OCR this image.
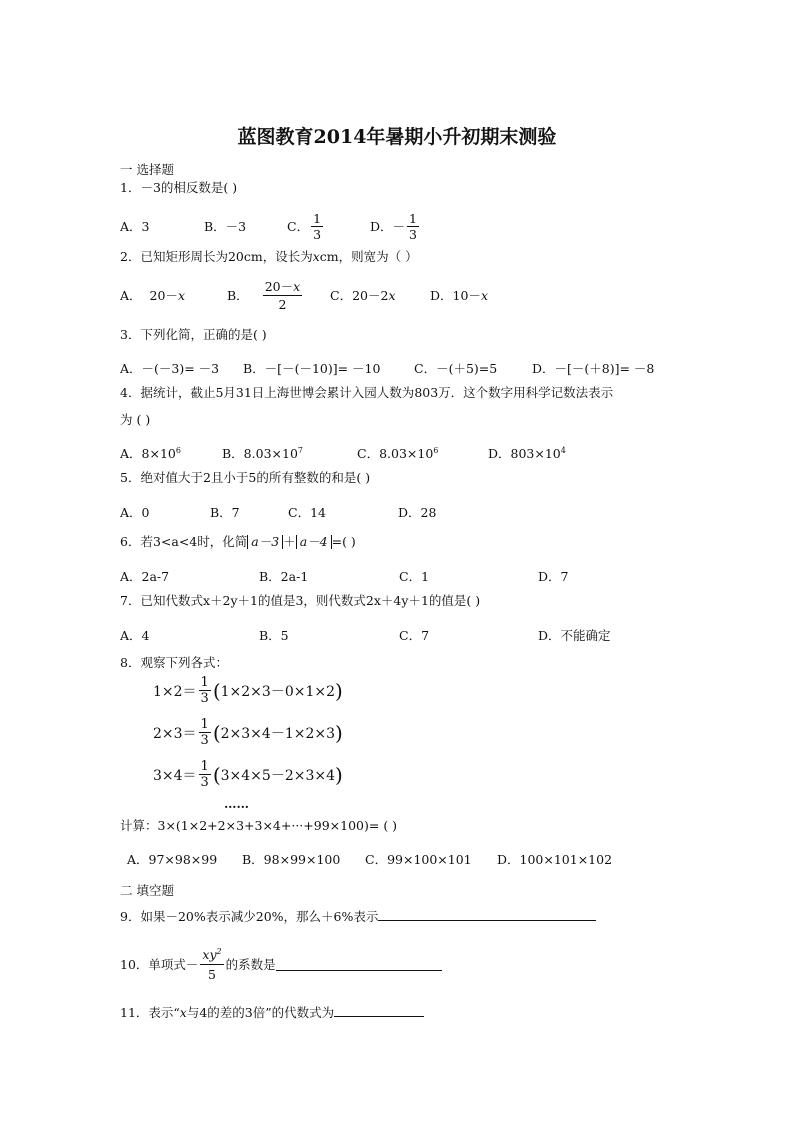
蓝图教育2014年暑期小升初期末测验
一 选择题
1．－3的相反数是( )
A．3	B．－3	C． $\frac{1}{3}$	D．－ $\frac{1}{3}$
2．已知矩形周长为20cm，设长为xcm，则宽为（ ）
A． 20－x	B． $\frac{20-x}{2}$ C．20－2x	D．10－x
3．下列化简，正确的是( )
A．－(－3)= －3 B．－[－(－10)]= －10	C．－(＋5)=5	D．－[－(＋8)]= －8
4．据统计，截止5月31日上海世博会累计入园人数为803万．这个数字用科学记数法表示
为 ( )
A．$8\times 10^6$	B．$8.03\times 10^7$	C．$8.03\times 10^6$	D．$803\times 10^4$
5．绝对值大于2且小于5的所有整数的和是( )
A．0	B．7	C．14	D．28
6．若3<a<4时，化简 a－3 ＋ a－4 =( )
A．2a-7	B．2a-1	C．1	D．7
7．已知代数式x＋2y＋1的值是3，则代数式2x＋4y＋1的值是( )
A．4	B．5	C．7	D．不能确定
8．观察下列各式：
$1\times 2= \frac{1}{3}$ ( 1×2×3－0×1×2 )
$2\times 3= \frac{1}{3}$ ( 2×3×4－1×2×3 )
$3\times 4= \frac{1}{3}$ ( 3×4×5－2×3×4 )
……
计算：3×(1×2+2×3+3×4+···+99×100)= ( )
A．97×98×99 B．98×99×100 C．99×100×101 D．100×101×102
二 填空题
9．如果－20%表示减少20%，那么＋6%表示
10．单项式－ $\frac{xy^2}{5}$ 的系数是
11．表示“x与4的差的3倍”的代数式为
